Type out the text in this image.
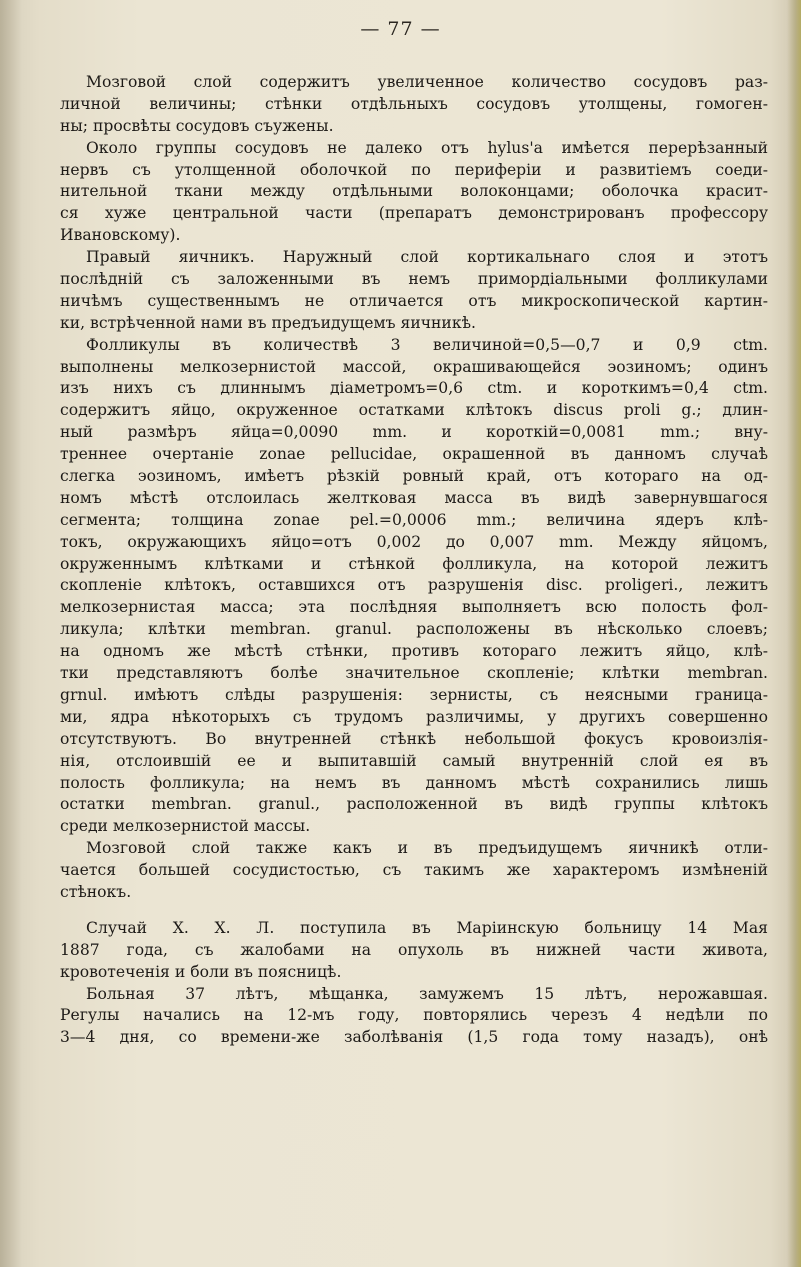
— 77 —
Мозговой слой содержитъ увеличенное количество сосудовъ раз-
личной величины; стѣнки отдѣльныхъ сосудовъ утолщены, гомоген-
ны; просвѣты сосудовъ съужены.
Около группы сосудовъ не далеко отъ hylus'а имѣется перерѣзанный
нервъ съ утолщенной оболочкой по периферіи и развитіемъ соеди-
нительной ткани между отдѣльными волоконцами; оболочка красит-
ся хуже центральной части (препаратъ демонстрированъ профессору
Ивановскому).
Правый яичникъ. Наружный слой кортикальнаго слоя и этотъ
послѣдній съ заложенными въ немъ примордіальными фолликулами
ничѣмъ существеннымъ не отличается отъ микроскопической картин-
ки, встрѣченной нами въ предъидущемъ яичникѣ.
Фолликулы въ количествѣ 3 величиной=0,5—0,7 и 0,9 ctm.
выполнены мелкозернистой массой, окрашивающейся эозиномъ; одинъ
изъ нихъ съ длиннымъ діаметромъ=0,6 ctm. и короткимъ=0,4 ctm.
содержитъ яйцо, окруженное остатками клѣтокъ discus proli g.; длин-
ный размѣръ яйца=0,0090 mm. и короткій=0,0081 mm.; вну-
треннее очертаніе zonae pellucidae, окрашенной въ данномъ случаѣ
слегка эозиномъ, имѣетъ рѣзкій ровный край, отъ котораго на од-
номъ мѣстѣ отслоилась желтковая масса въ видѣ завернувшагося
сегмента; толщина zonae pel.=0,0006 mm.; величина ядеръ клѣ-
токъ, окружающихъ яйцо=отъ 0,002 до 0,007 mm. Между яйцомъ,
окруженнымъ клѣтками и стѣнкой фолликула, на которой лежитъ
скопленіе клѣтокъ, оставшихся отъ разрушенія disc. proligeri., лежитъ
мелкозернистая масса; эта послѣдняя выполняетъ всю полость фол-
ликула; клѣтки membran. granul. расположены въ нѣсколько слоевъ;
на одномъ же мѣстѣ стѣнки, противъ котораго лежитъ яйцо, клѣ-
тки представляютъ болѣе значительное скопленіе; клѣтки membran.
grnul. имѣютъ слѣды разрушенія: зернисты, съ неясными граница-
ми, ядра нѣкоторыхъ съ трудомъ различимы, у другихъ совершенно
отсутствуютъ. Во внутренней стѣнкѣ небольшой фокусъ кровоизлія-
нія, отслоившій ее и выпитавшій самый внутренній слой ея въ
полость фолликула; на немъ въ данномъ мѣстѣ сохранились лишь
остатки membran. granul., расположенной въ видѣ группы клѣтокъ
среди мелкозернистой массы.
Мозговой слой также какъ и въ предъидущемъ яичникѣ отли-
чается большей сосудистостью, съ такимъ же характеромъ измѣненій
стѣнокъ.
Случай X. X. Л. поступила въ Маріинскую больницу 14 Мая
1887 года, съ жалобами на опухоль въ нижней части живота,
кровотеченія и боли въ поясницѣ.
Больная 37 лѣтъ, мѣщанка, замужемъ 15 лѣтъ, нерожавшая.
Регулы начались на 12-мъ году, повторялись черезъ 4 недѣли по
3—4 дня, со времени-же заболѣванія (1,5 года тому назадъ), онѣ
